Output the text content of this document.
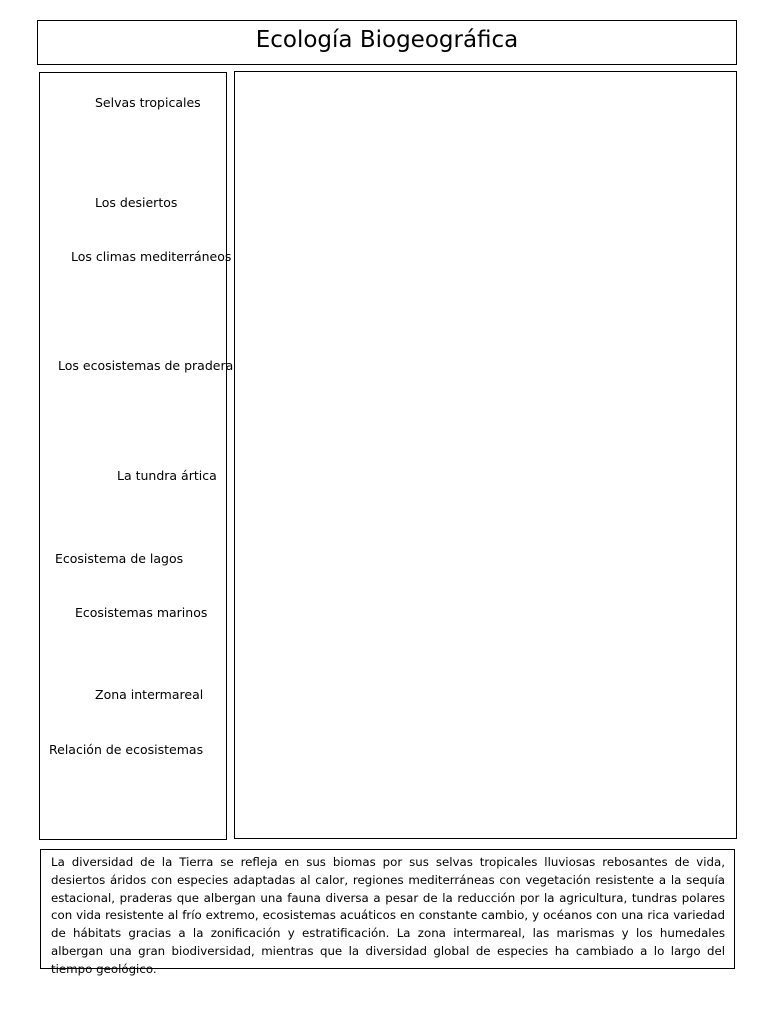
Ecología Biogeográfica
Selvas tropicales
Los desiertos
Los climas mediterráneos
Los ecosistemas de pradera
La tundra ártica
Ecosistema de lagos
Ecosistemas marinos
Zona intermareal
Relación de ecosistemas
La diversidad de la Tierra se refleja en sus biomas por sus selvas tropicales lluviosas rebosantes de vida, desiertos áridos con especies adaptadas al calor, regiones mediterráneas con vegetación resistente a la sequía estacional, praderas que albergan una fauna diversa a pesar de la reducción por la agricultura, tundras polares con vida resistente al frío extremo, ecosistemas acuáticos en constante cambio, y océanos con una rica variedad de hábitats gracias a la zonificación y estratificación. La zona intermareal, las marismas y los humedales albergan una gran biodiversidad, mientras que la diversidad global de especies ha cambiado a lo largo del tiempo geológico.
